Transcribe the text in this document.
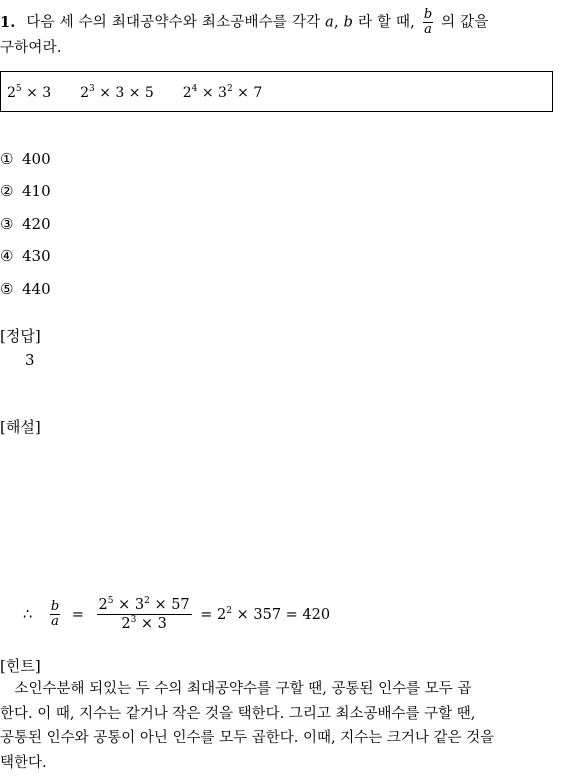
1. 다음 세 수의 최대공약수와 최소공배수를 각각 a, b 라 할 때, $\frac{b}{a}$ 의 값을
구하여라.
$2^5 \times 3$ $2^3 \times 3 \times 5$ $2^4 \times 3^2 \times 7$
① 400
② 410
③ 420
④ 430
⑤ 440
[정답]
3
[해설]
∴ $\frac{b}{a} = \frac{2^5 \times 3^2 \times 57}{2^3 \times 3} = 2^2 \times 357 = 420$
[힌트]
　소인수분해 되있는 두 수의 최대공약수를 구할 땐, 공통된 인수를 모두 곱
한다. 이 때, 지수는 같거나 작은 것을 택한다. 그리고 최소공배수를 구할 땐,
공통된 인수와 공통이 아닌 인수를 모두 곱한다. 이때, 지수는 크거나 같은 것을
택한다.
